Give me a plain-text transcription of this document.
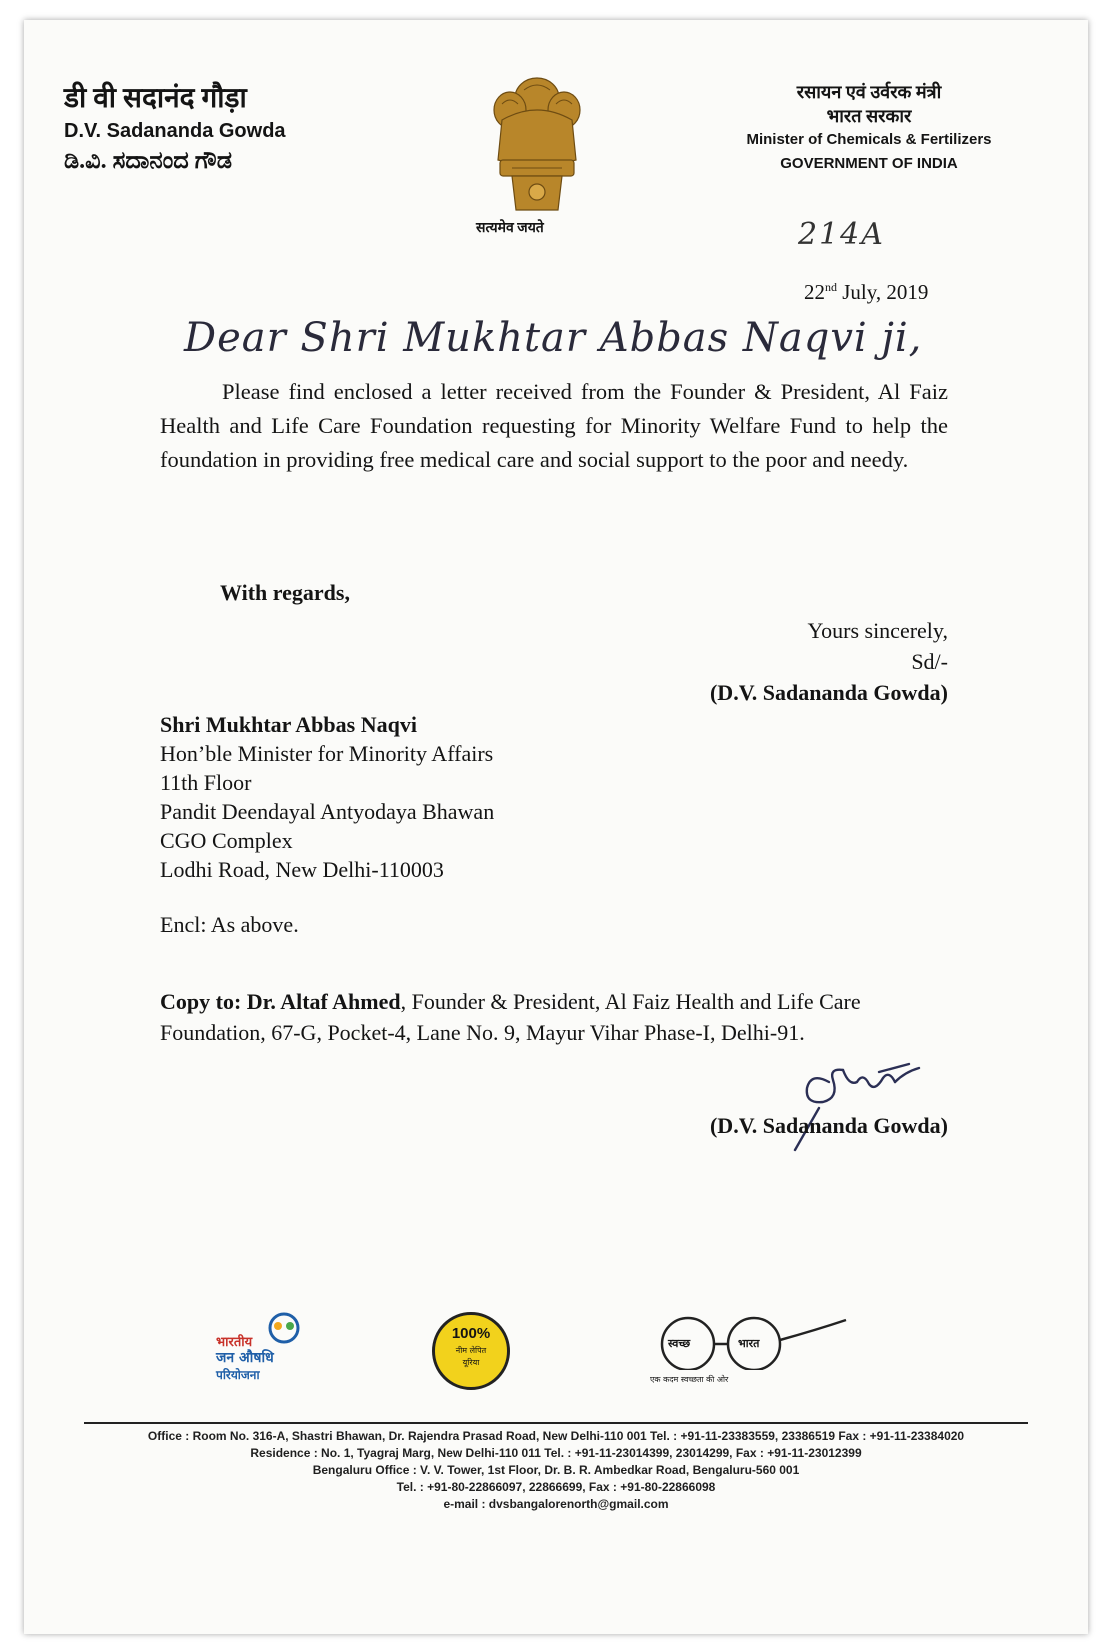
डी वी सदानंद गौड़ा
D.V. Sadananda Gowda
ಡಿ.ವಿ. ಸದಾನಂದ ಗೌಡ
सत्यमेव जयते
रसायन एवं उर्वरक मंत्री
भारत सरकार
Minister of Chemicals & Fertilizers
GOVERNMENT OF INDIA
214A
22nd July, 2019
Dear Shri Mukhtar Abbas Naqvi ji,
Please find enclosed a letter received from the Founder & President, Al Faiz Health and Life Care Foundation requesting for Minority Welfare Fund to help the foundation in providing free medical care and social support to the poor and needy.
With regards,
Yours sincerely,
Sd/-
(D.V. Sadananda Gowda)
Shri Mukhtar Abbas Naqvi
Hon’ble Minister for Minority Affairs
11th Floor
Pandit Deendayal Antyodaya Bhawan
CGO Complex
Lodhi Road, New Delhi-110003
Encl: As above.
Copy to: Dr. Altaf Ahmed, Founder & President, Al Faiz Health and Life Care Foundation, 67-G, Pocket-4, Lane No. 9, Mayur Vihar Phase-I, Delhi-91.
(D.V. Sadananda Gowda)
भारतीय
जन औषधि
परियोजना
100%
नीम लेपित
यूरिया
स्वच्छ	भारत
एक कदम स्वच्छता की ओर
Office : Room No. 316-A, Shastri Bhawan, Dr. Rajendra Prasad Road, New Delhi-110 001 Tel. : +91-11-23383559, 23386519 Fax : +91-11-23384020
Residence : No. 1, Tyagraj Marg, New Delhi-110 011 Tel. : +91-11-23014399, 23014299, Fax : +91-11-23012399
Bengaluru Office : V. V. Tower, 1st Floor, Dr. B. R. Ambedkar Road, Bengaluru-560 001
Tel. : +91-80-22866097, 22866699, Fax : +91-80-22866098
e-mail : dvsbangalorenorth@gmail.com
